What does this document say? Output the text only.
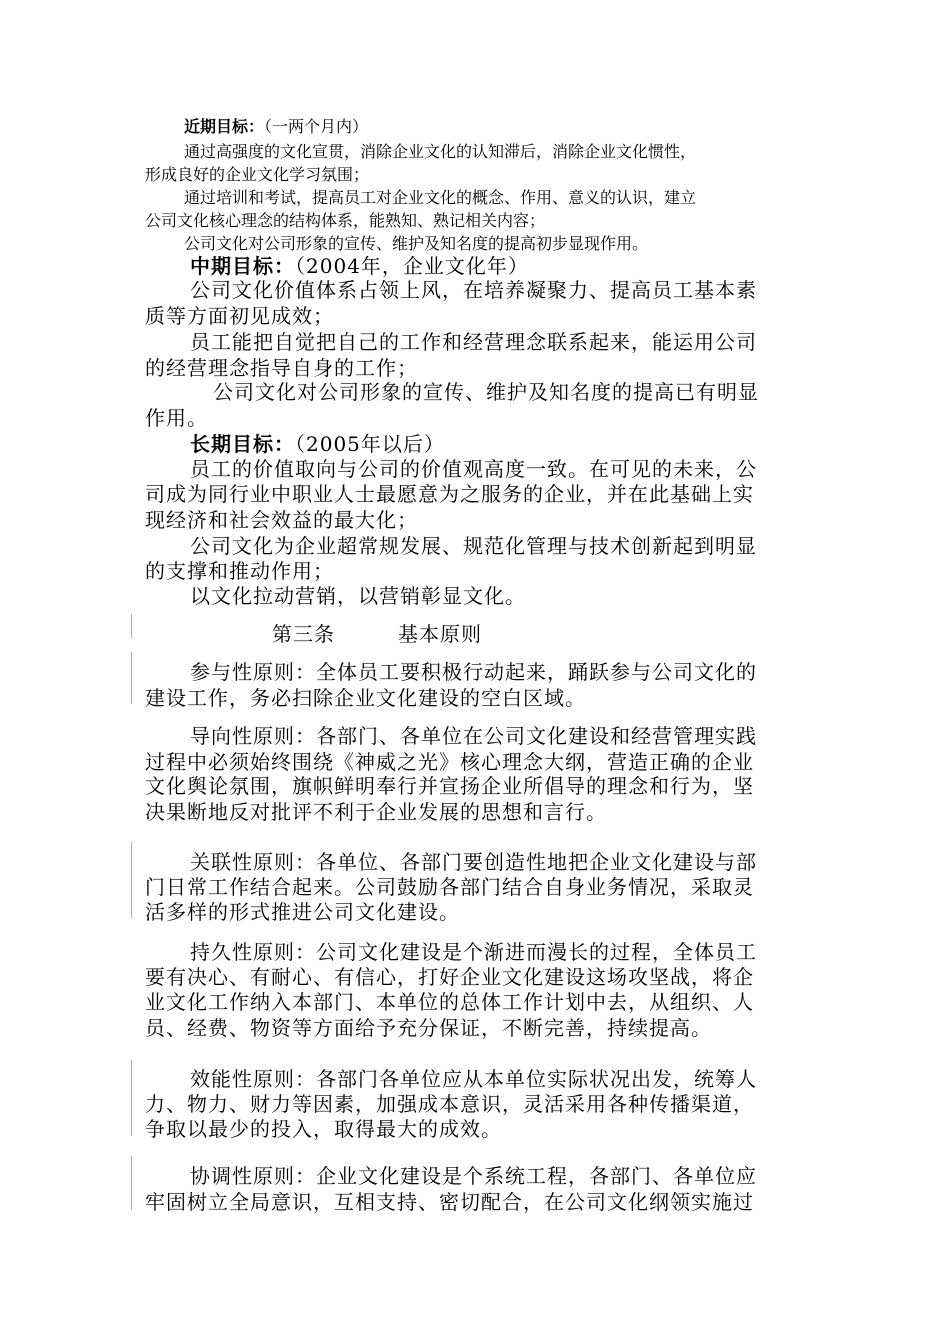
近期目标：（一两个月内）
通过高强度的文化宣贯，消除企业文化的认知滞后，消除企业文化惯性，
形成良好的企业文化学习氛围；
通过培训和考试，提高员工对企业文化的概念、作用、意义的认识，建立
公司文化核心理念的结构体系，能熟知、熟记相关内容；
公司文化对公司形象的宣传、维护及知名度的提高初步显现作用。
中期目标：（2004年，企业文化年）
公司文化价值体系占领上风，在培养凝聚力、提高员工基本素
质等方面初见成效；
员工能把自觉把自己的工作和经营理念联系起来，能运用公司
的经营理念指导自身的工作；
公司文化对公司形象的宣传、维护及知名度的提高已有明显
作用。
长期目标：（2005年以后）
员工的价值取向与公司的价值观高度一致。在可见的未来，公
司成为同行业中职业人士最愿意为之服务的企业，并在此基础上实
现经济和社会效益的最大化；
公司文化为企业超常规发展、规范化管理与技术创新起到明显
的支撑和推动作用；
以文化拉动营销，以营销彰显文化。
第三条	基本原则
参与性原则：全体员工要积极行动起来，踊跃参与公司文化的
建设工作，务必扫除企业文化建设的空白区域。
导向性原则：各部门、各单位在公司文化建设和经营管理实践
过程中必须始终围绕《神威之光》核心理念大纲，营造正确的企业
文化舆论氛围，旗帜鲜明奉行并宣扬企业所倡导的理念和行为，坚
决果断地反对批评不利于企业发展的思想和言行。
关联性原则：各单位、各部门要创造性地把企业文化建设与部
门日常工作结合起来。公司鼓励各部门结合自身业务情况，采取灵
活多样的形式推进公司文化建设。
持久性原则：公司文化建设是个渐进而漫长的过程，全体员工
要有决心、有耐心、有信心，打好企业文化建设这场攻坚战，将企
业文化工作纳入本部门、本单位的总体工作计划中去，从组织、人
员、经费、物资等方面给予充分保证，不断完善，持续提高。
效能性原则：各部门各单位应从本单位实际状况出发，统筹人
力、物力、财力等因素，加强成本意识，灵活采用各种传播渠道，
争取以最少的投入，取得最大的成效。
协调性原则：企业文化建设是个系统工程，各部门、各单位应
牢固树立全局意识，互相支持、密切配合，在公司文化纲领实施过
